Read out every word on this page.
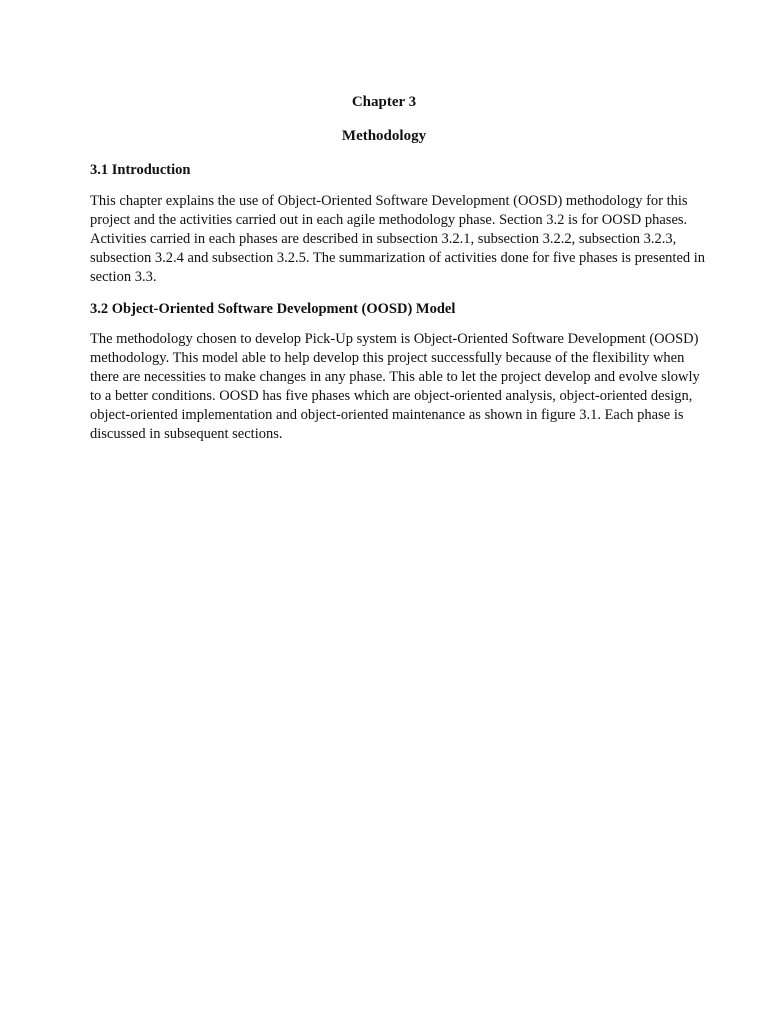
Chapter 3
Methodology
3.1 Introduction
This chapter explains the use of Object-Oriented Software Development (OOSD) methodology for this
project and the activities carried out in each agile methodology phase. Section 3.2 is for OOSD phases.
Activities carried in each phases are described in subsection 3.2.1, subsection 3.2.2, subsection 3.2.3,
subsection 3.2.4 and subsection 3.2.5. The summarization of activities done for five phases is presented in
section 3.3.
3.2 Object-Oriented Software Development (OOSD) Model
The methodology chosen to develop Pick-Up system is Object-Oriented Software Development (OOSD)
methodology. This model able to help develop this project successfully because of the flexibility when
there are necessities to make changes in any phase. This able to let the project develop and evolve slowly
to a better conditions. OOSD has five phases which are object-oriented analysis, object-oriented design,
object-oriented implementation and object-oriented maintenance as shown in figure 3.1. Each phase is
discussed in subsequent sections.
